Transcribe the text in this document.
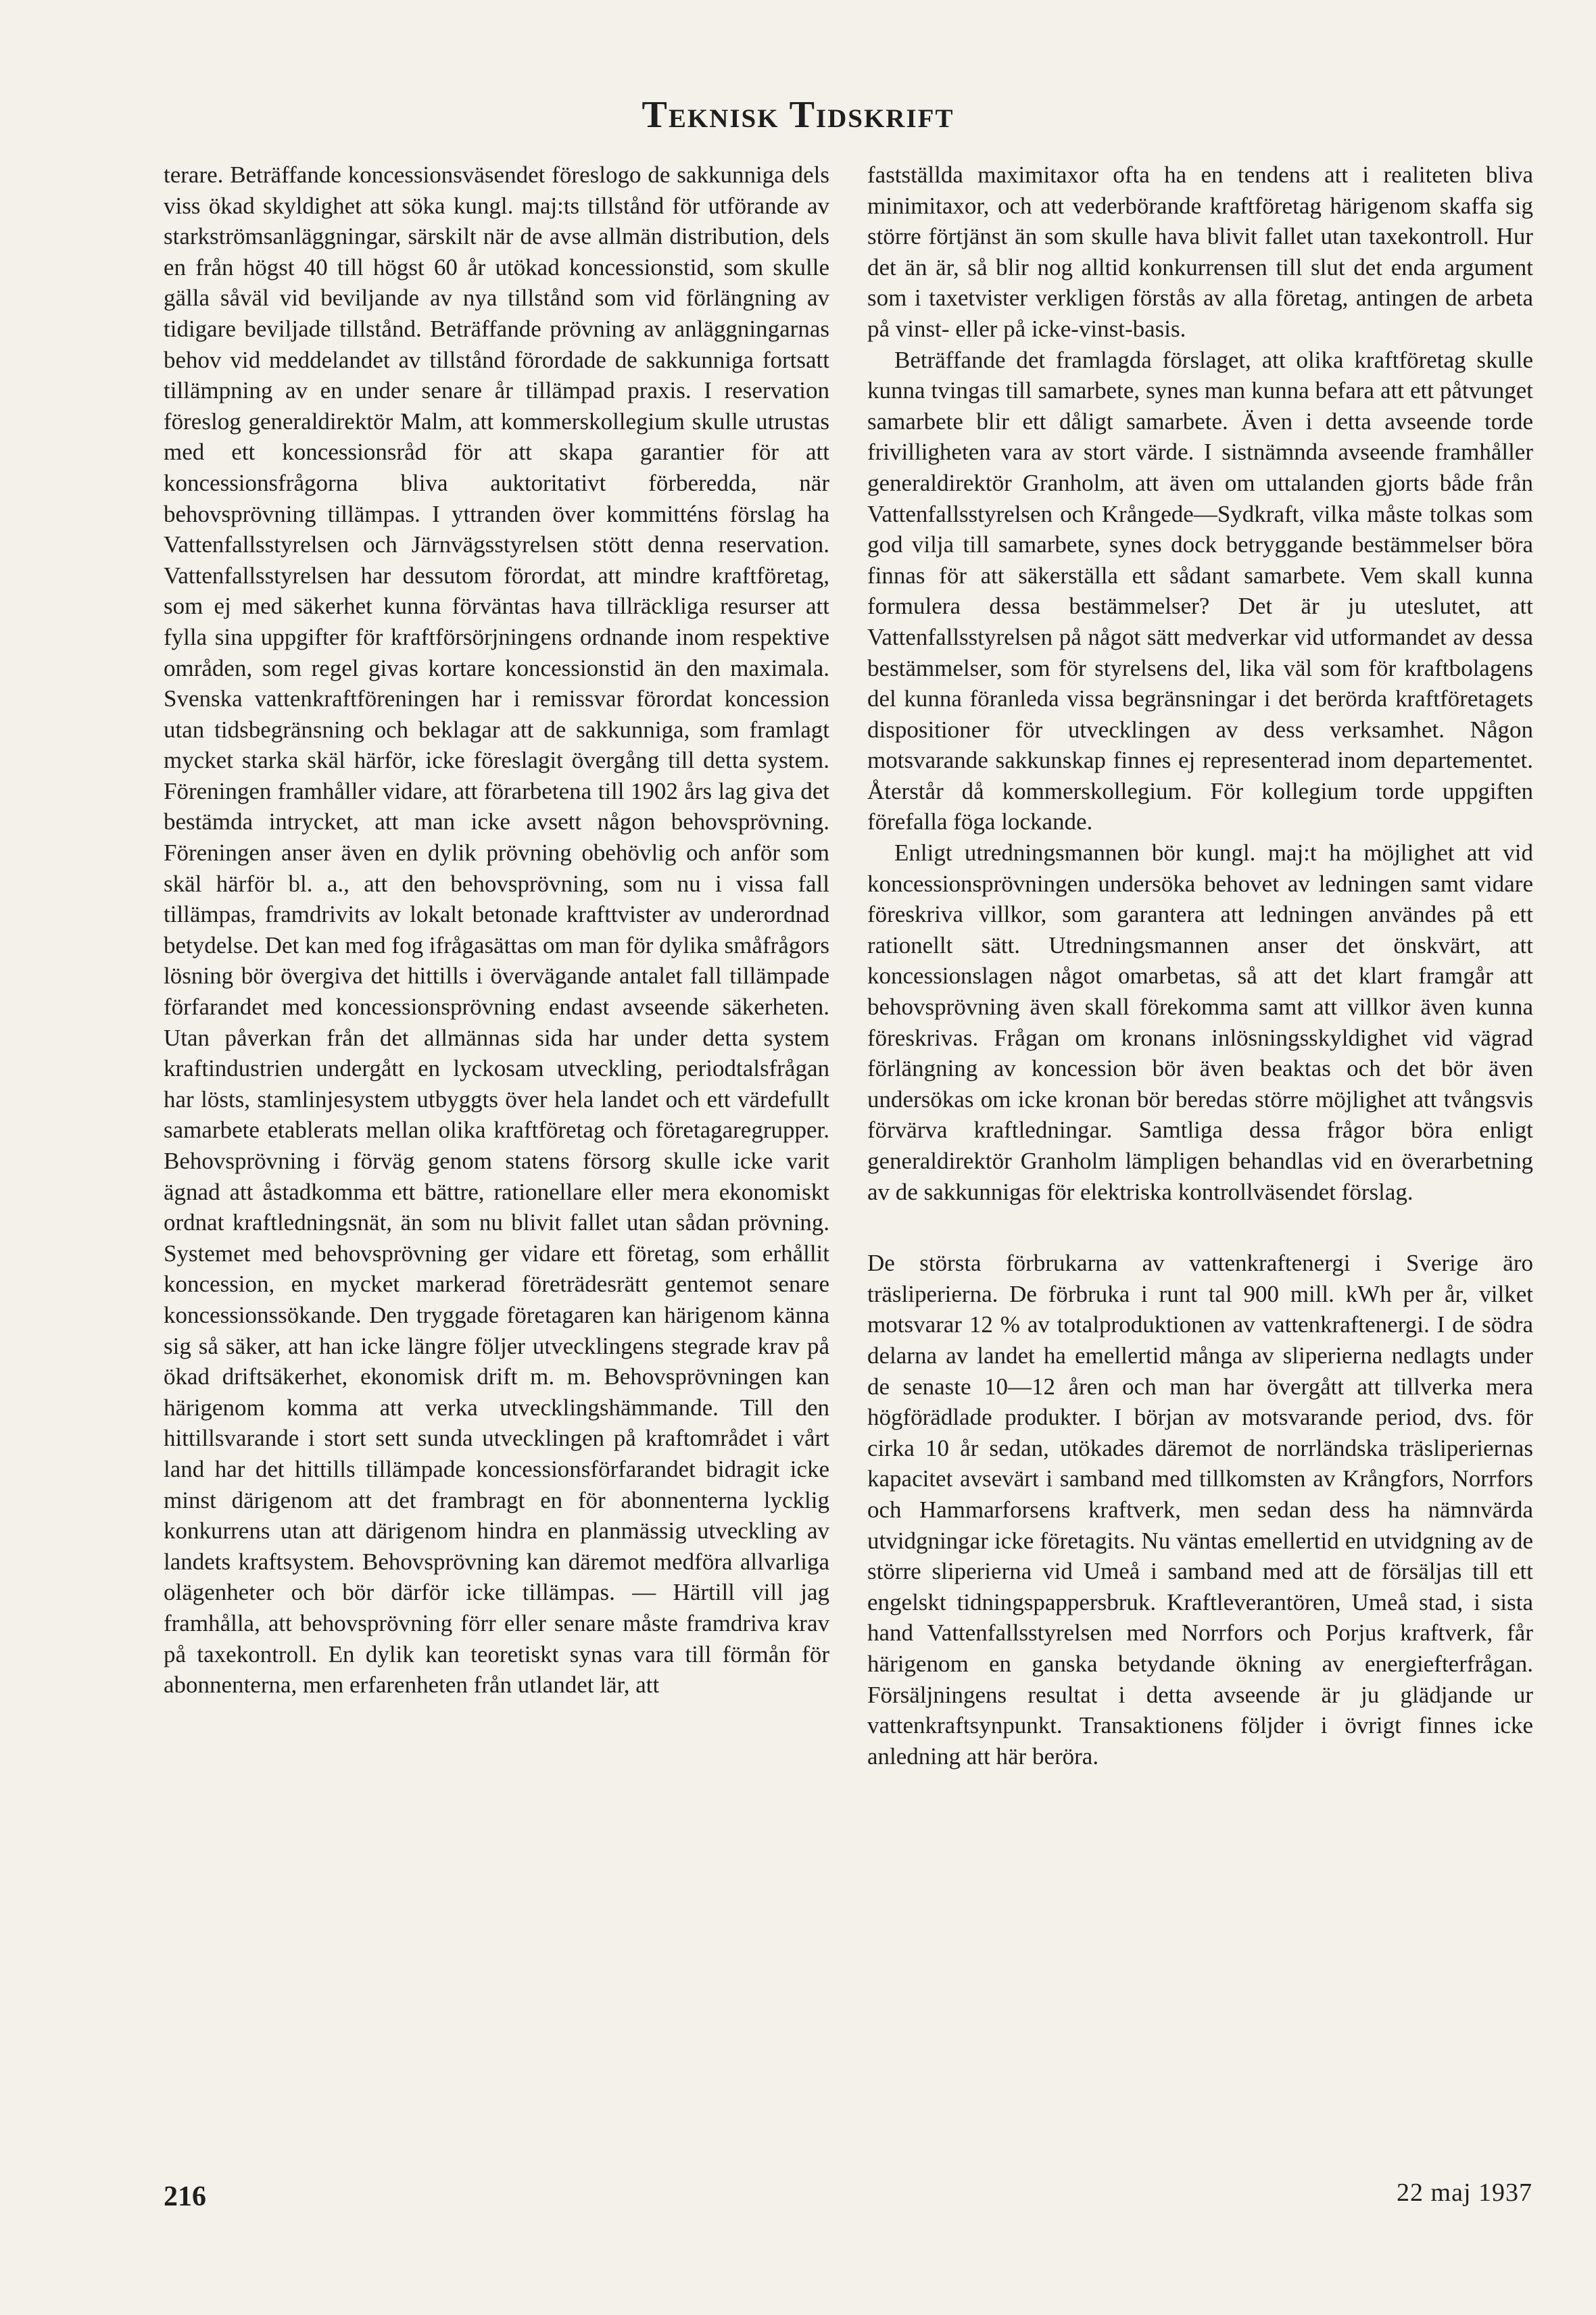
Teknisk Tidskrift

terare. Beträffande koncessionsväsendet föreslogo de sakkunniga dels viss ökad skyldighet att söka kungl. maj:ts tillstånd för utförande av starkströmsanläggningar, särskilt när de avse allmän distribution, dels en från högst 40 till högst 60 år utökad koncessionstid, som skulle gälla såväl vid beviljande av nya tillstånd som vid förlängning av tidigare beviljade tillstånd. Beträffande prövning av anläggningarnas behov vid meddelandet av tillstånd förordade de sakkunniga fortsatt tillämpning av en under senare år tillämpad praxis. I reservation föreslog generaldirektör Malm, att kommerskollegium skulle utrustas med ett koncessionsråd för att skapa garantier för att koncessionsfrågorna bliva auktoritativt förberedda, när behovsprövning tillämpas. I yttranden över kommitténs förslag ha Vattenfallsstyrelsen och Järnvägsstyrelsen stött denna reservation. Vattenfallsstyrelsen har dessutom förordat, att mindre kraftföretag, som ej med säkerhet kunna förväntas hava tillräckliga resurser att fylla sina uppgifter för kraftförsörjningens ordnande inom respektive områden, som regel givas kortare koncessionstid än den maximala. Svenska vattenkraftföreningen har i remissvar förordat koncession utan tidsbegränsning och beklagar att de sakkunniga, som framlagt mycket starka skäl härför, icke föreslagit övergång till detta system. Föreningen framhåller vidare, att förarbetena till 1902 års lag giva det bestämda intrycket, att man icke avsett någon behovsprövning. Föreningen anser även en dylik prövning obehövlig och anför som skäl härför bl. a., att den behovsprövning, som nu i vissa fall tillämpas, framdrivits av lokalt betonade krafttvister av underordnad betydelse. Det kan med fog ifrågasättas om man för dylika småfrågors lösning bör övergiva det hittills i övervägande antalet fall tillämpade förfarandet med koncessionsprövning endast avseende säkerheten. Utan påverkan från det allmännas sida har under detta system kraftindustrien undergått en lyckosam utveckling, periodtalsfrågan har lösts, stamlinjesystem utbyggts över hela landet och ett värdefullt samarbete etablerats mellan olika kraftföretag och företagaregrupper. Behovsprövning i förväg genom statens försorg skulle icke varit ägnad att åstadkomma ett bättre, rationellare eller mera ekonomiskt ordnat kraftledningsnät, än som nu blivit fallet utan sådan prövning. Systemet med behovsprövning ger vidare ett företag, som erhållit koncession, en mycket markerad företrädesrätt gentemot senare koncessionssökande. Den tryggade företagaren kan härigenom känna sig så säker, att han icke längre följer utvecklingens stegrade krav på ökad driftsäkerhet, ekonomisk drift m. m. Behovsprövningen kan härigenom komma att verka utvecklingshämmande. Till den hittillsvarande i stort sett sunda utvecklingen på kraftområdet i vårt land har det hittills tillämpade koncessionsförfarandet bidragit icke minst därigenom att det frambragt en för abonnenterna lycklig konkurrens utan att därigenom hindra en planmässig utveckling av landets kraftsystem. Behovsprövning kan däremot medföra allvarliga olägenheter och bör därför icke tillämpas. — Härtill vill jag framhålla, att behovsprövning förr eller senare måste framdriva krav på taxekontroll. En dylik kan teoretiskt synas vara till förmån för abonnenterna, men erfarenheten från utlandet lär, att

fastställda maximitaxor ofta ha en tendens att i realiteten bliva minimitaxor, och att vederbörande kraftföretag härigenom skaffa sig större förtjänst än som skulle hava blivit fallet utan taxekontroll. Hur det än är, så blir nog alltid konkurrensen till slut det enda argument som i taxetvister verkligen förstås av alla företag, antingen de arbeta på vinst- eller på icke-vinst-basis.

Beträffande det framlagda förslaget, att olika kraftföretag skulle kunna tvingas till samarbete, synes man kunna befara att ett påtvunget samarbete blir ett dåligt samarbete. Även i detta avseende torde frivilligheten vara av stort värde. I sistnämnda avseende framhåller generaldirektör Granholm, att även om uttalanden gjorts både från Vattenfallsstyrelsen och Krångede—Sydkraft, vilka måste tolkas som god vilja till samarbete, synes dock betryggande bestämmelser böra finnas för att säkerställa ett sådant samarbete. Vem skall kunna formulera dessa bestämmelser? Det är ju uteslutet, att Vattenfallsstyrelsen på något sätt medverkar vid utformandet av dessa bestämmelser, som för styrelsens del, lika väl som för kraftbolagens del kunna föranleda vissa begränsningar i det berörda kraftföretagets dispositioner för utvecklingen av dess verksamhet. Någon motsvarande sakkunskap finnes ej representerad inom departementet. Återstår då kommerskollegium. För kollegium torde uppgiften förefalla föga lockande.

Enligt utredningsmannen bör kungl. maj:t ha möjlighet att vid koncessionsprövningen undersöka behovet av ledningen samt vidare föreskriva villkor, som garantera att ledningen användes på ett rationellt sätt. Utredningsmannen anser det önskvärt, att koncessionslagen något omarbetas, så att det klart framgår att behovsprövning även skall förekomma samt att villkor även kunna föreskrivas. Frågan om kronans inlösningsskyldighet vid vägrad förlängning av koncession bör även beaktas och det bör även undersökas om icke kronan bör beredas större möjlighet att tvångsvis förvärva kraftledningar. Samtliga dessa frågor böra enligt generaldirektör Granholm lämpligen behandlas vid en överarbetning av de sakkunnigas för elektriska kontrollväsendet förslag.

De största förbrukarna av vattenkraftenergi i Sverige äro träsliperierna. De förbruka i runt tal 900 mill. kWh per år, vilket motsvarar 12 % av totalproduktionen av vattenkraftenergi. I de södra delarna av landet ha emellertid många av sliperierna nedlagts under de senaste 10—12 åren och man har övergått att tillverka mera högförädlade produkter. I början av motsvarande period, dvs. för cirka 10 år sedan, utökades däremot de norrländska träsliperiernas kapacitet avsevärt i samband med tillkomsten av Krångfors, Norrfors och Hammarforsens kraftverk, men sedan dess ha nämnvärda utvidgningar icke företagits. Nu väntas emellertid en utvidgning av de större sliperierna vid Umeå i samband med att de försäljas till ett engelskt tidningspappersbruk. Kraftleverantören, Umeå stad, i sista hand Vattenfallsstyrelsen med Norrfors och Porjus kraftverk, får härigenom en ganska betydande ökning av energiefterfrågan. Försäljningens resultat i detta avseende är ju glädjande ur vattenkraftsynpunkt. Transaktionens följder i övrigt finnes icke anledning att här beröra.

216	22 maj 1937
